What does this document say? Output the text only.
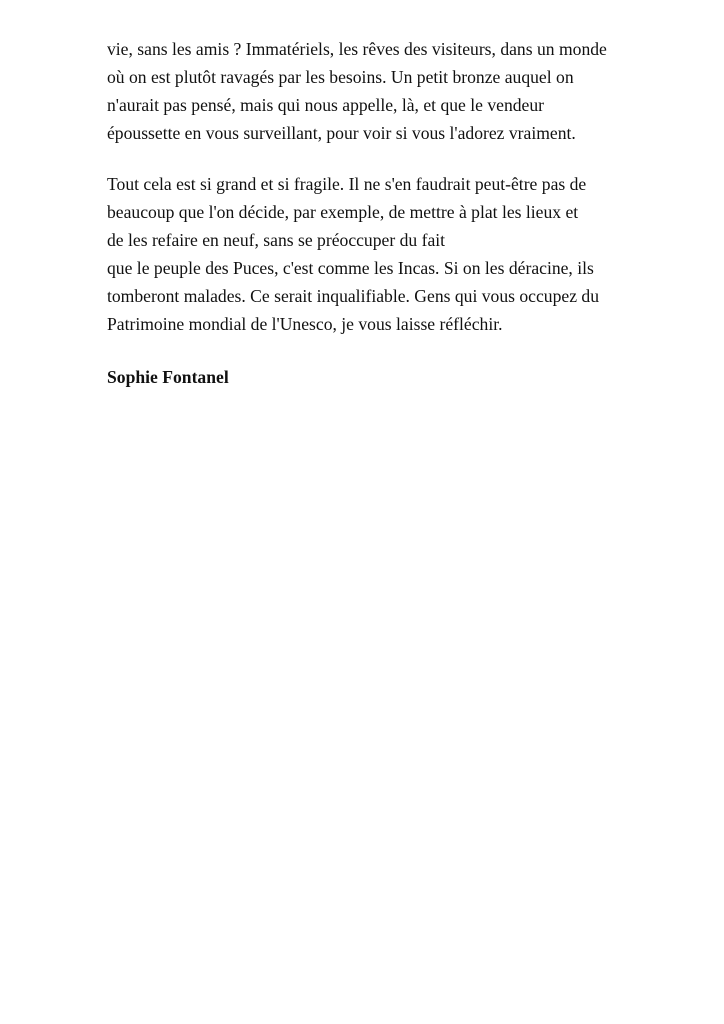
vie, sans les amis ? Immatériels, les rêves des visiteurs, dans un monde
où on est plutôt ravagés par les besoins. Un petit bronze auquel on
n'aurait pas pensé, mais qui nous appelle, là, et que le vendeur
époussette en vous surveillant, pour voir si vous l'adorez vraiment.

Tout cela est si grand et si fragile. Il ne s'en faudrait peut-être pas de
beaucoup que l'on décide, par exemple, de mettre à plat les lieux et
de les refaire en neuf, sans se préoccuper du fait
que le peuple des Puces, c'est comme les Incas. Si on les déracine, ils
tomberont malades. Ce serait inqualifiable. Gens qui vous occupez du
Patrimoine mondial de l'Unesco, je vous laisse réfléchir.

Sophie Fontanel
